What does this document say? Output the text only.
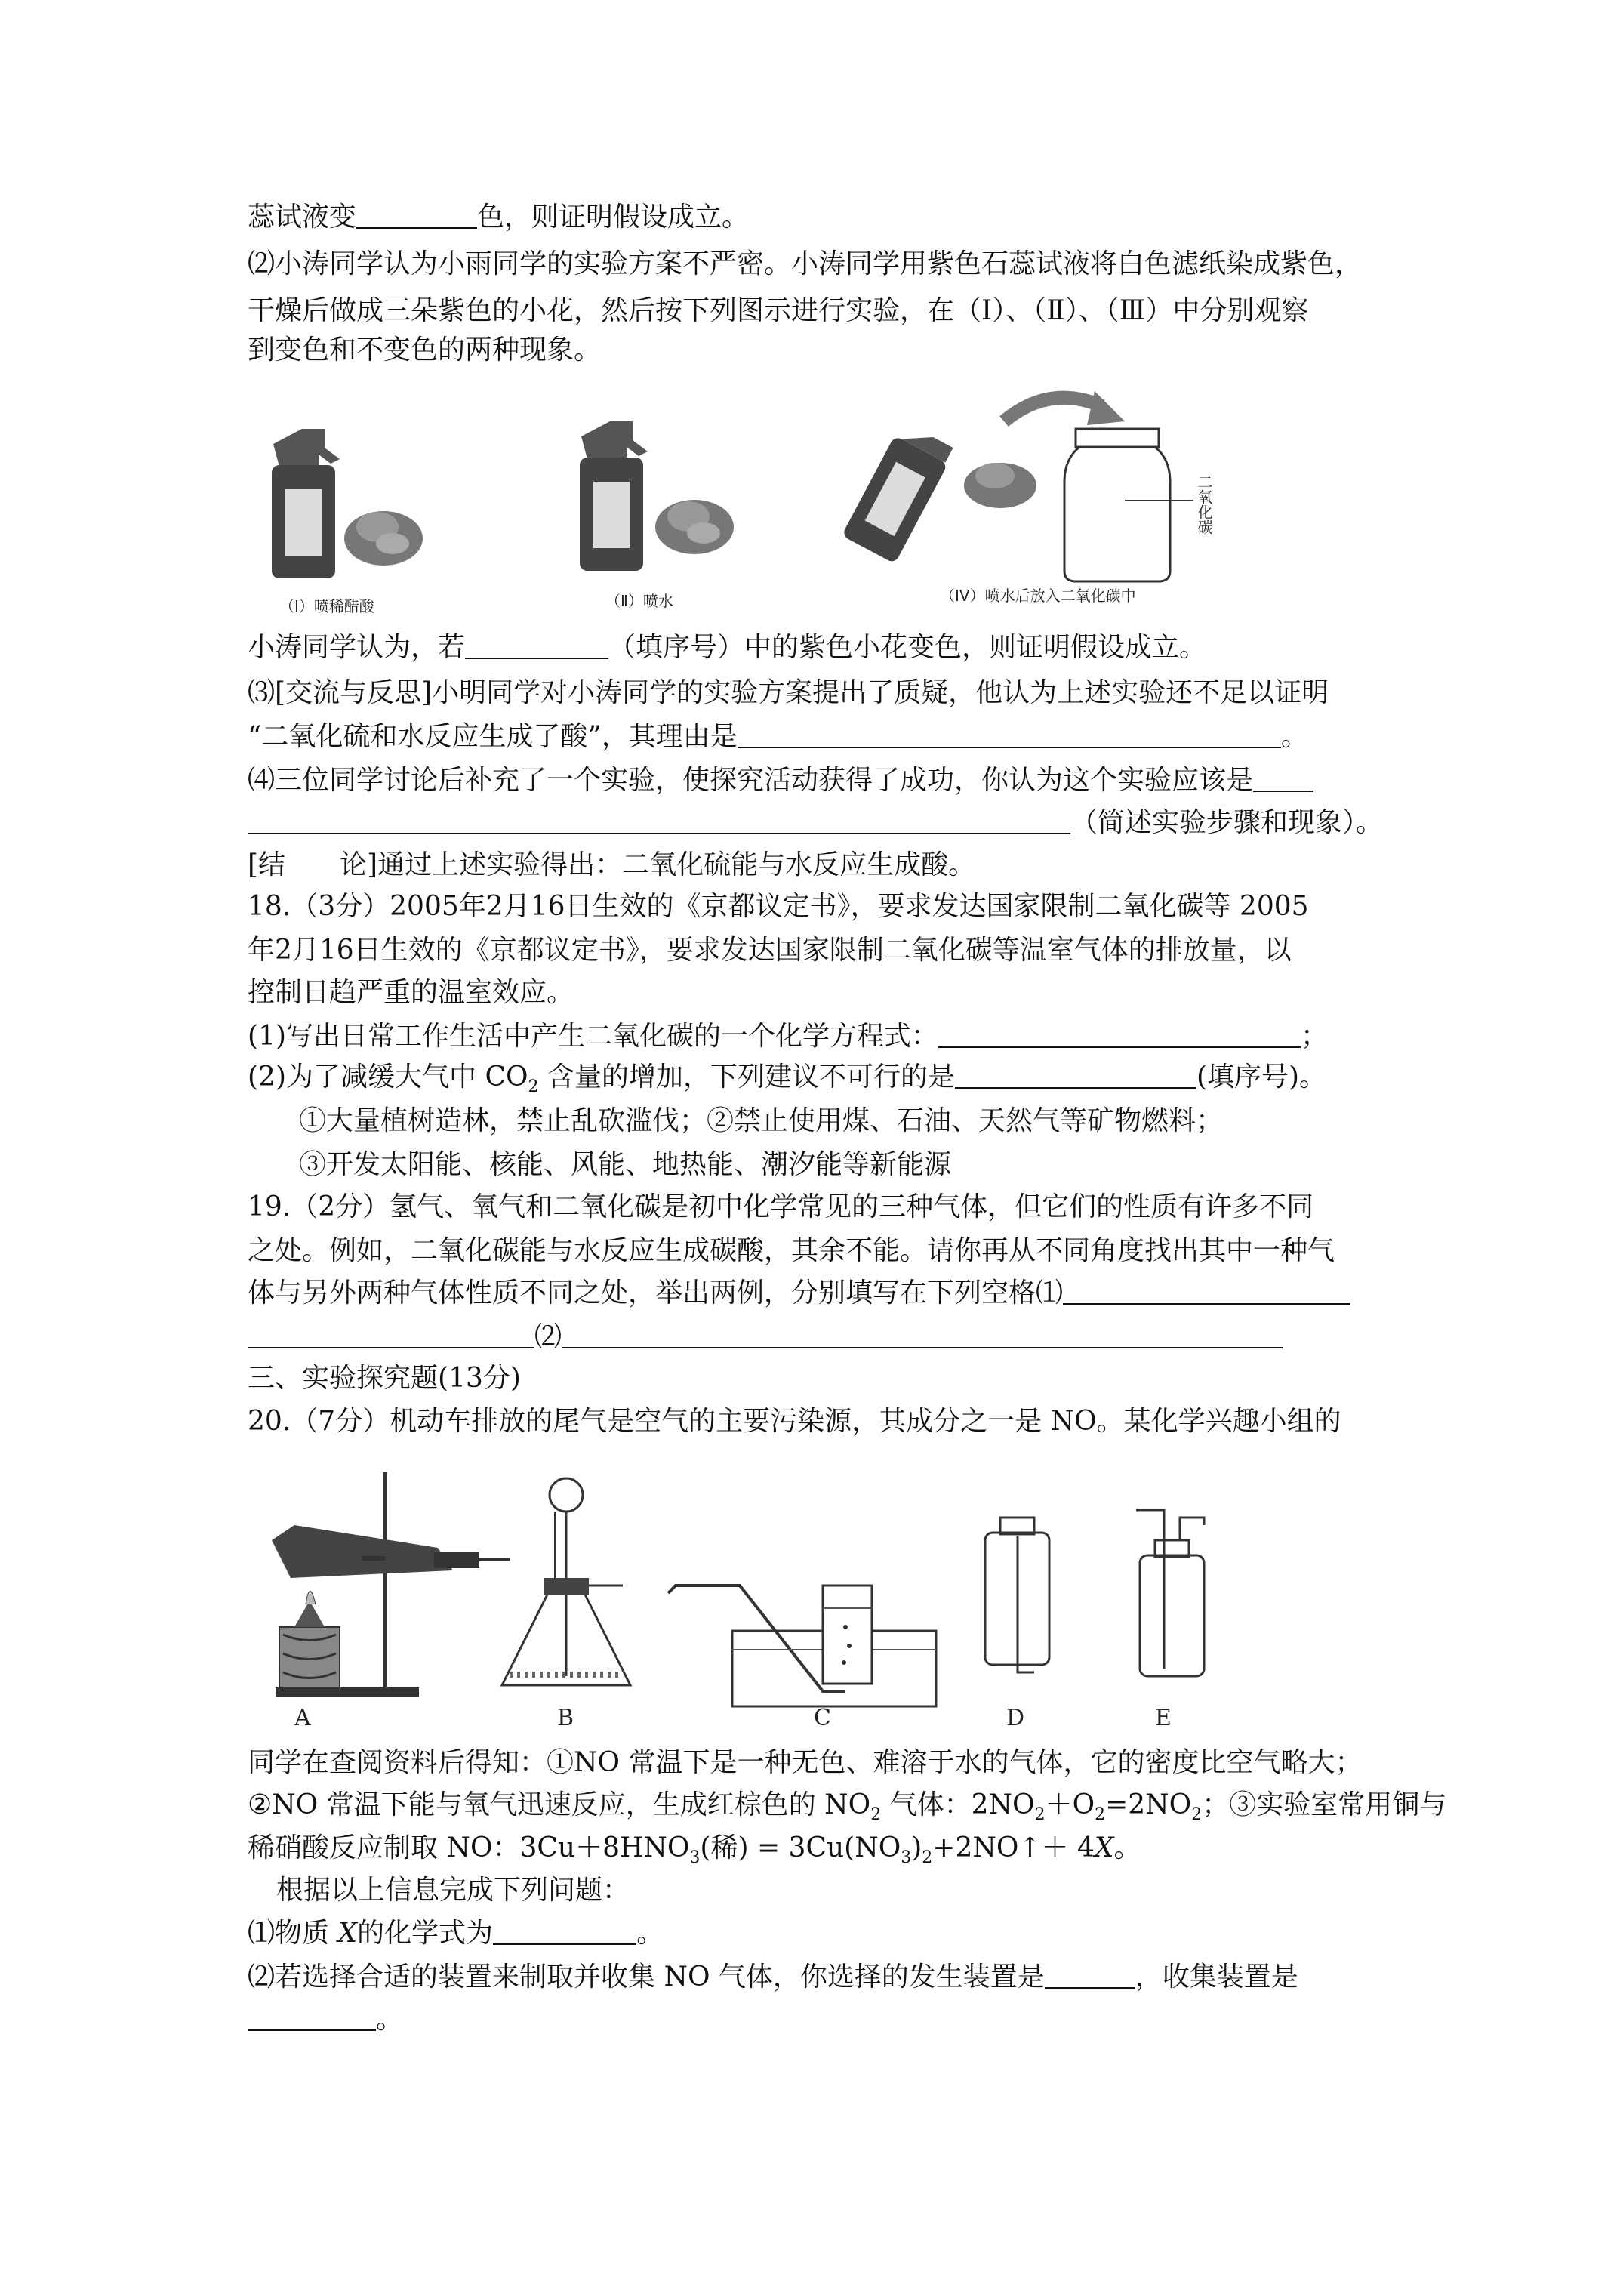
蕊试液变	色，则证明假设成立。
⑵小涛同学认为小雨同学的实验方案不严密。小涛同学用紫色石蕊试液将白色滤纸染成紫色，
干燥后做成三朵紫色的小花，然后按下列图示进行实验，在（I）、（Ⅱ）、（Ⅲ）中分别观察
到变色和不变色的两种现象。
（I）喷稀醋酸	（Ⅱ）喷水
二氧化碳
（IV）喷水后放入二氧化碳中
小涛同学认为，若	（填序号）中的紫色小花变色，则证明假设成立。
⑶[交流与反思]小明同学对小涛同学的实验方案提出了质疑，他认为上述实验还不足以证明
“二氧化硫和水反应生成了酸”，其理由是	。
⑷三位同学讨论后补充了一个实验，使探究活动获得了成功，你认为这个实验应该是
（简述实验步骤和现象）。
[结　　论]通过上述实验得出：二氧化硫能与水反应生成酸。
18.（3分）2005年2月16日生效的《京都议定书》，要求发达国家限制二氧化碳等 2005
年2月16日生效的《京都议定书》，要求发达国家限制二氧化碳等温室气体的排放量，以
控制日趋严重的温室效应。
(1)写出日常工作生活中产生二氧化碳的一个化学方程式：	；
(2)为了减缓大气中 $CO_2$ 含量的增加，下列建议不可行的是	(填序号)。
①大量植树造林，禁止乱砍滥伐；②禁止使用煤、石油、天然气等矿物燃料；
③开发太阳能、核能、风能、地热能、潮汐能等新能源
19.（2分）氢气、氧气和二氧化碳是初中化学常见的三种气体，但它们的性质有许多不同
之处。例如，二氧化碳能与水反应生成碳酸，其余不能。请你再从不同角度找出其中一种气
体与另外两种气体性质不同之处，举出两例，分别填写在下列空格⑴
⑵
三、实验探究题(13分)
20.（7分）机动车排放的尾气是空气的主要污染源，其成分之一是 NO。某化学兴趣小组的
A	B	C	D	E
同学在查阅资料后得知：①NO 常温下是一种无色、难溶于水的气体，它的密度比空气略大；
②NO 常温下能与氧气迅速反应，生成红棕色的 $NO_2$ 气体：$2NO_2+O_2=2NO_2$；③实验室常用铜与
稀硝酸反应制取 NO：$3Cu+8HNO_3$(稀) = $3Cu(NO_3)_2+2NO↑+ 4X$。
根据以上信息完成下列问题：
⑴物质 X的化学式为	。
⑵若选择合适的装置来制取并收集 NO 气体，你选择的发生装置是	，收集装置是
。
